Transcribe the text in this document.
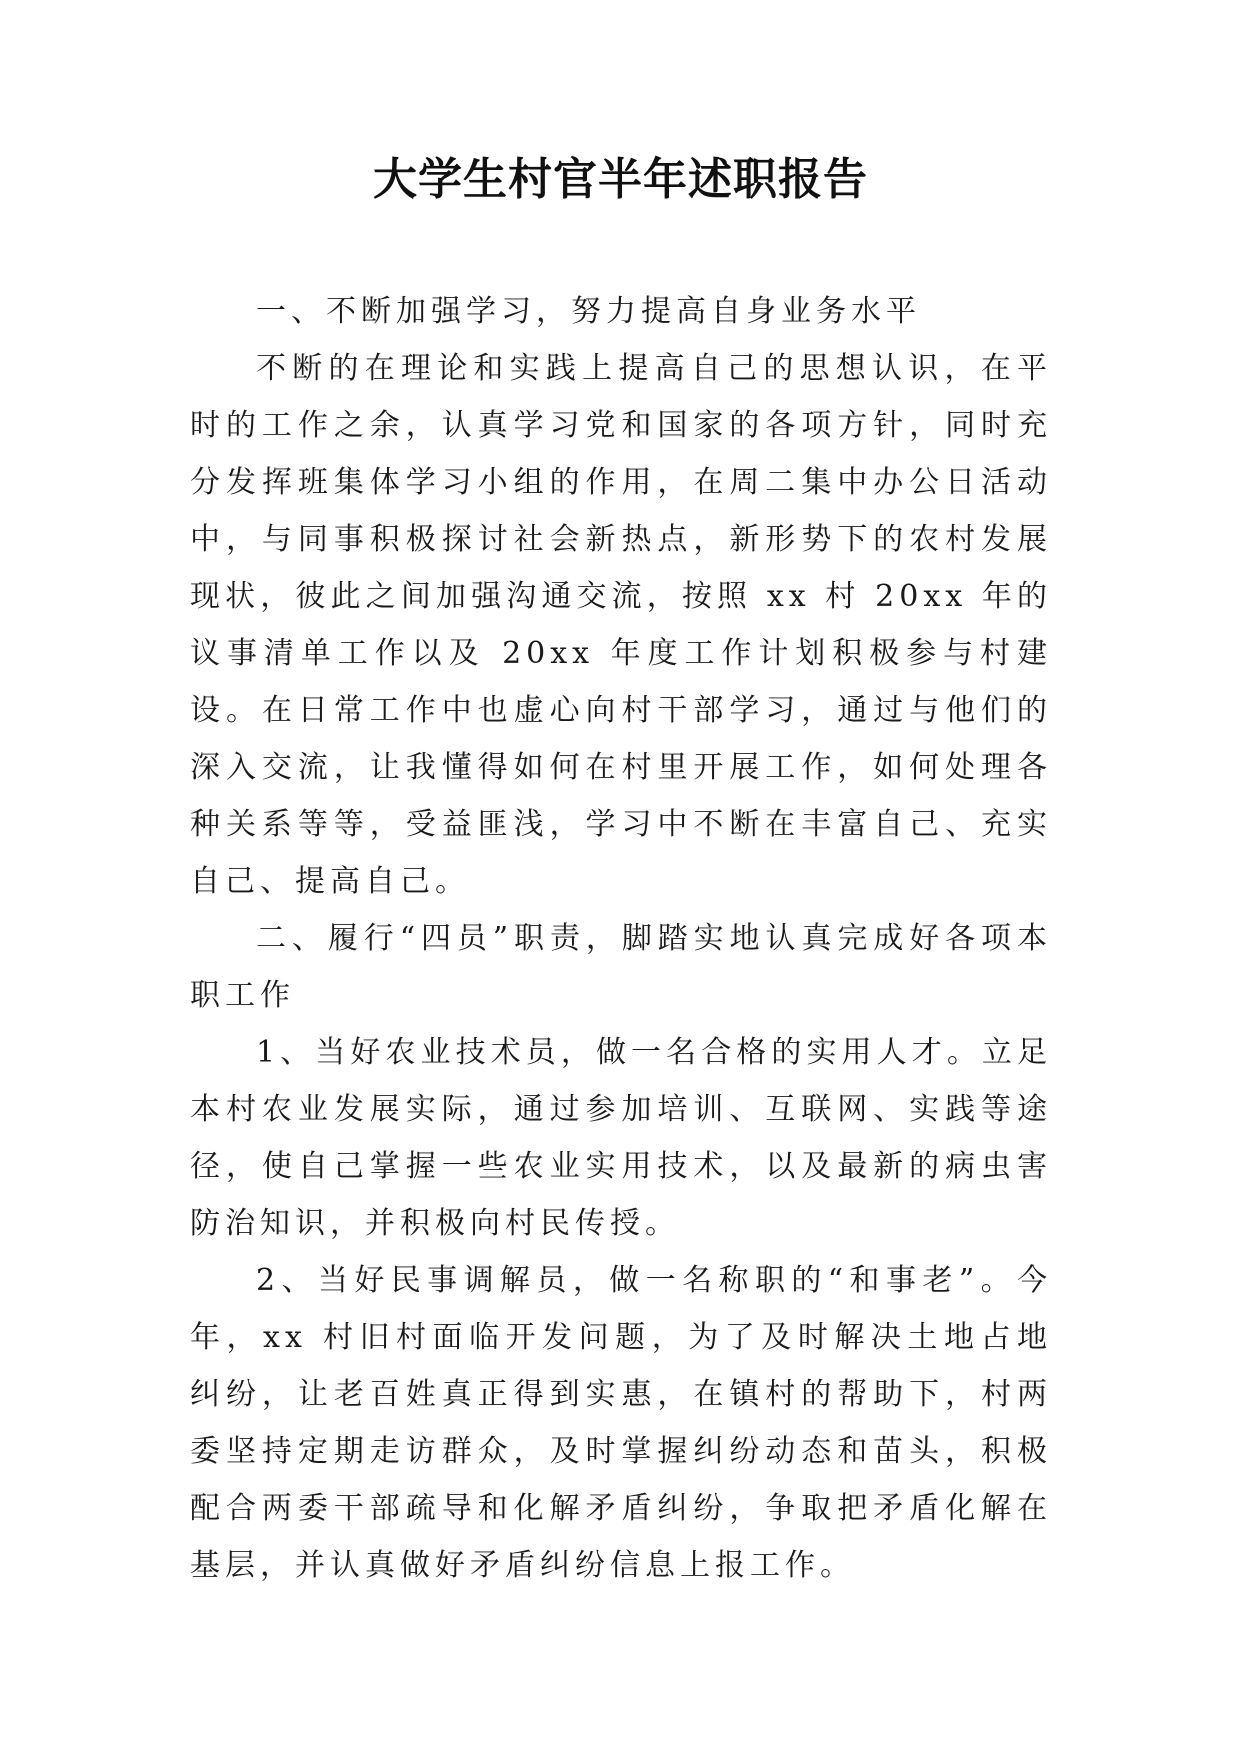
大学生村官半年述职报告

一、不断加强学习，努力提高自身业务水平

不断的在理论和实践上提高自己的思想认识，在平时的工作之余，认真学习党和国家的各项方针，同时充分发挥班集体学习小组的作用，在周二集中办公日活动中，与同事积极探讨社会新热点，新形势下的农村发展现状，彼此之间加强沟通交流，按照 xx 村 20xx 年的议事清单工作以及 20xx 年度工作计划积极参与村建设。在日常工作中也虚心向村干部学习，通过与他们的深入交流，让我懂得如何在村里开展工作，如何处理各种关系等等，受益匪浅，学习中不断在丰富自己、充实自己、提高自己。

二、履行“四员”职责，脚踏实地认真完成好各项本职工作

1、当好农业技术员，做一名合格的实用人才。立足本村农业发展实际，通过参加培训、互联网、实践等途径，使自己掌握一些农业实用技术，以及最新的病虫害防治知识，并积极向村民传授。

2、当好民事调解员，做一名称职的“和事老”。今年，xx 村旧村面临开发问题，为了及时解决土地占地纠纷，让老百姓真正得到实惠，在镇村的帮助下，村两委坚持定期走访群众，及时掌握纠纷动态和苗头，积极配合两委干部疏导和化解矛盾纠纷，争取把矛盾化解在基层，并认真做好矛盾纠纷信息上报工作。
